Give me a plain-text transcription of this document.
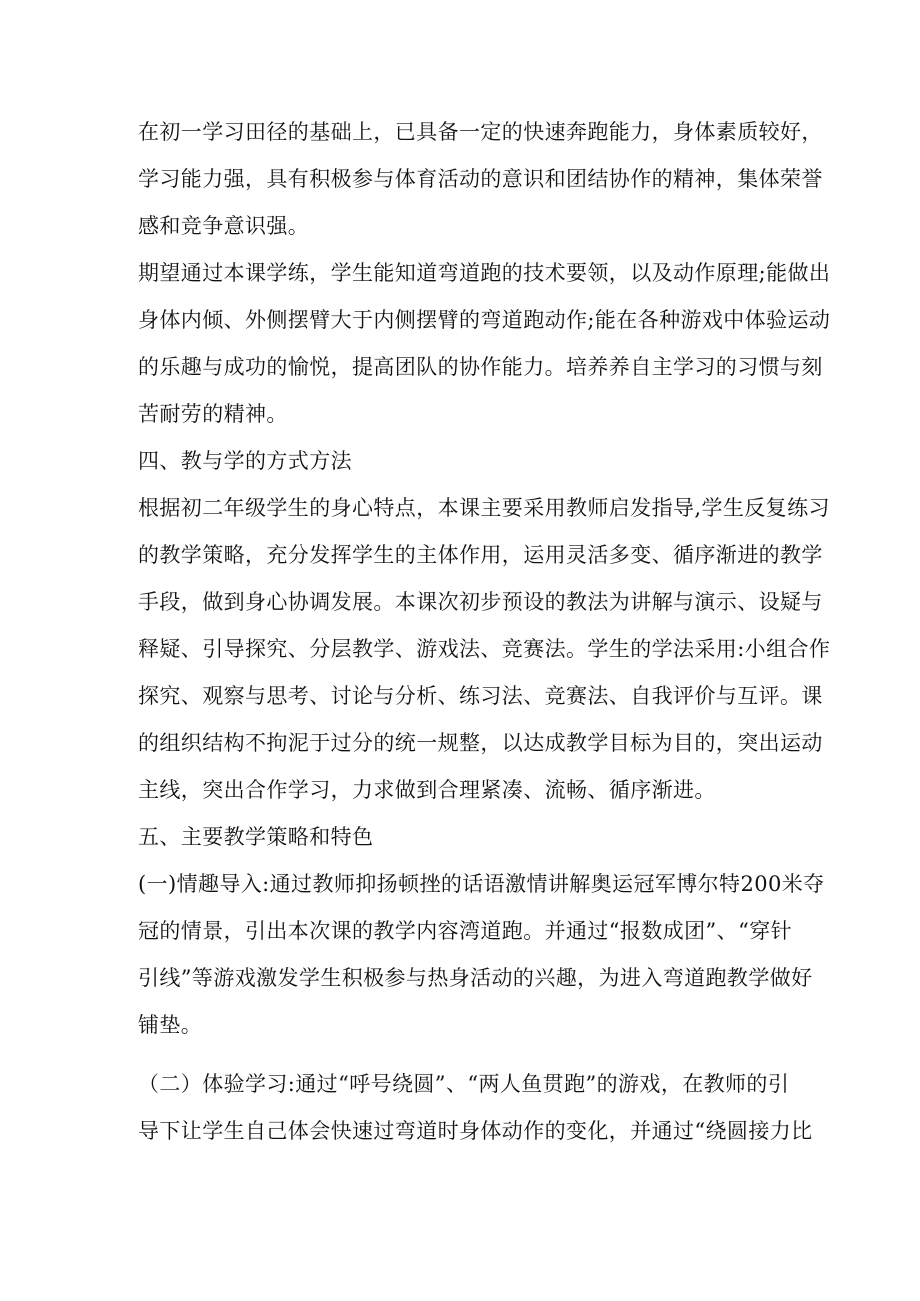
在初一学习田径的基础上，已具备一定的快速奔跑能力，身体素质较好，
学习能力强，具有积极参与体育活动的意识和团结协作的精神，集体荣誉
感和竞争意识强。
期望通过本课学练，学生能知道弯道跑的技术要领，以及动作原理;能做出
身体内倾、外侧摆臂大于内侧摆臂的弯道跑动作;能在各种游戏中体验运动
的乐趣与成功的愉悦，提高团队的协作能力。培养养自主学习的习惯与刻
苦耐劳的精神。
四、教与学的方式方法
根据初二年级学生的身心特点，本课主要采用教师启发指导,学生反复练习
的教学策略，充分发挥学生的主体作用，运用灵活多变、循序渐进的教学
手段，做到身心协调发展。本课次初步预设的教法为讲解与演示、设疑与
释疑、引导探究、分层教学、游戏法、竞赛法。学生的学法采用:小组合作
探究、观察与思考、讨论与分析、练习法、竞赛法、自我评价与互评。课
的组织结构不拘泥于过分的统一规整，以达成教学目标为目的，突出运动
主线，突出合作学习，力求做到合理紧凑、流畅、循序渐进。
五、主要教学策略和特色
(一)情趣导入:通过教师抑扬顿挫的话语激情讲解奥运冠军博尔特200米夺
冠的情景，引出本次课的教学内容湾道跑。并通过“报数成团”、“穿针
引线”等游戏激发学生积极参与热身活动的兴趣，为进入弯道跑教学做好
铺垫。
（二）体验学习:通过“呼号绕圆”、“两人鱼贯跑”的游戏，在教师的引
导下让学生自己体会快速过弯道时身体动作的变化，并通过“绕圆接力比
